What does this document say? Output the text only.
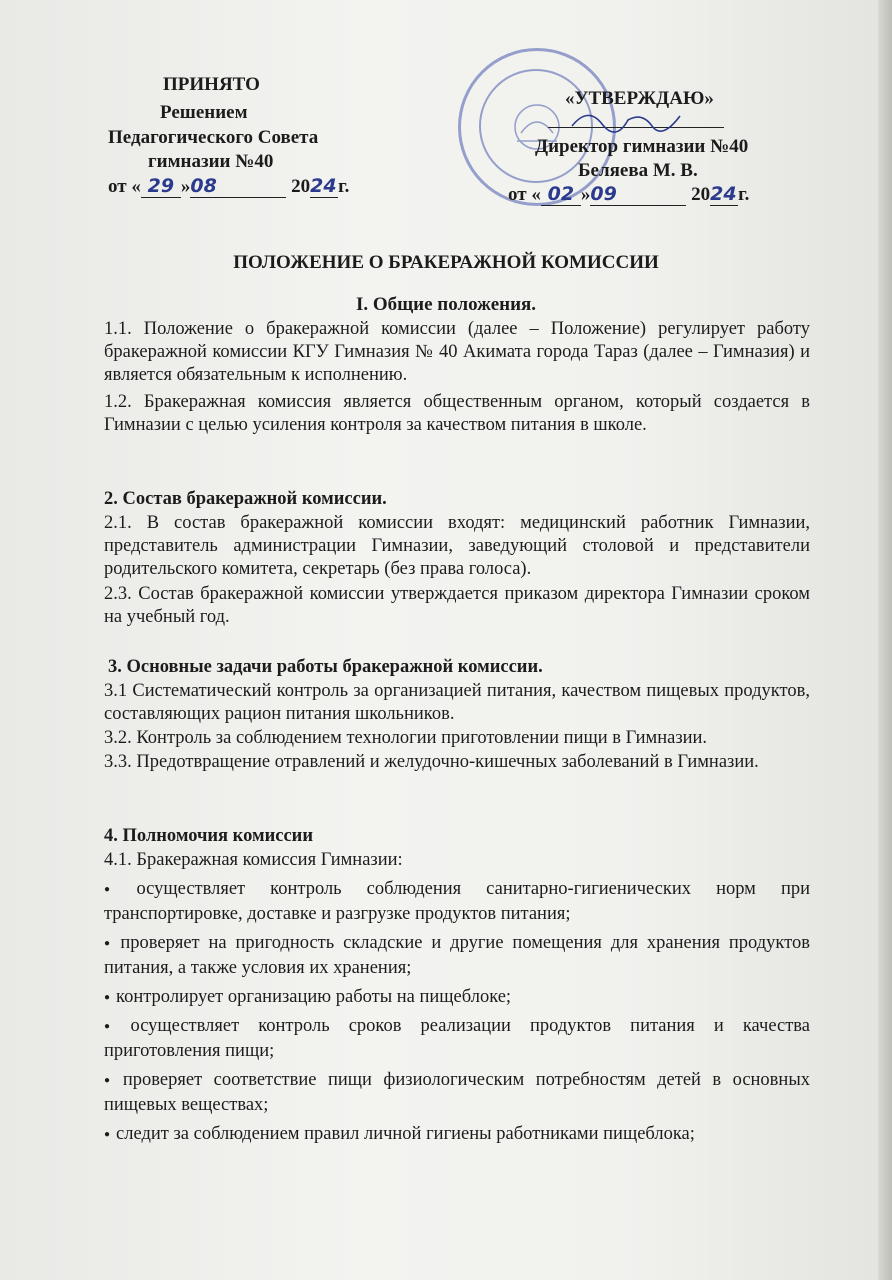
ПРИНЯТО
Решением
Педагогического Совета
гимназии №40
от « 29 »08	2024г.
«УТВЕРЖДАЮ»
Директор гимназии №40
Беляева М. В.
от « 02 »09	2024г.
ПОЛОЖЕНИЕ О БРАКЕРАЖНОЙ КОМИССИИ
I. Общие положения.
1.1. Положение о бракеражной комиссии (далее – Положение) регулирует работу бракеражной комиссии КГУ Гимназия № 40 Акимата города Тараз (далее – Гимназия) и является обязательным к исполнению.
1.2. Бракеражная комиссия является общественным органом, который создается в Гимназии с целью усиления контроля за качеством питания в школе.
2. Состав бракеражной комиссии.
2.1. В состав бракеражной комиссии входят: медицинский работник Гимназии, представитель администрации Гимназии, заведующий столовой и представители родительского комитета, секретарь (без права голоса).
2.3. Состав бракеражной комиссии утверждается приказом директора Гимназии сроком на учебный год.
3. Основные задачи работы бракеражной комиссии.
3.1 Систематический контроль за организацией питания, качеством пищевых продуктов, составляющих рацион питания школьников.
3.2. Контроль за соблюдением технологии приготовлении пищи в Гимназии.
3.3. Предотвращение отравлений и желудочно-кишечных заболеваний в Гимназии.
4. Полномочия комиссии
4.1. Бракеражная комиссия Гимназии:
● осуществляет контроль соблюдения санитарно-гигиенических норм при транспортировке, доставке и разгрузке продуктов питания;
● проверяет на пригодность складские и другие помещения для хранения продуктов питания, а также условия их хранения;
● контролирует организацию работы на пищеблоке;
● осуществляет контроль сроков реализации продуктов питания и качества приготовления пищи;
● проверяет соответствие пищи физиологическим потребностям детей в основных пищевых веществах;
● следит за соблюдением правил личной гигиены работниками пищеблока;
